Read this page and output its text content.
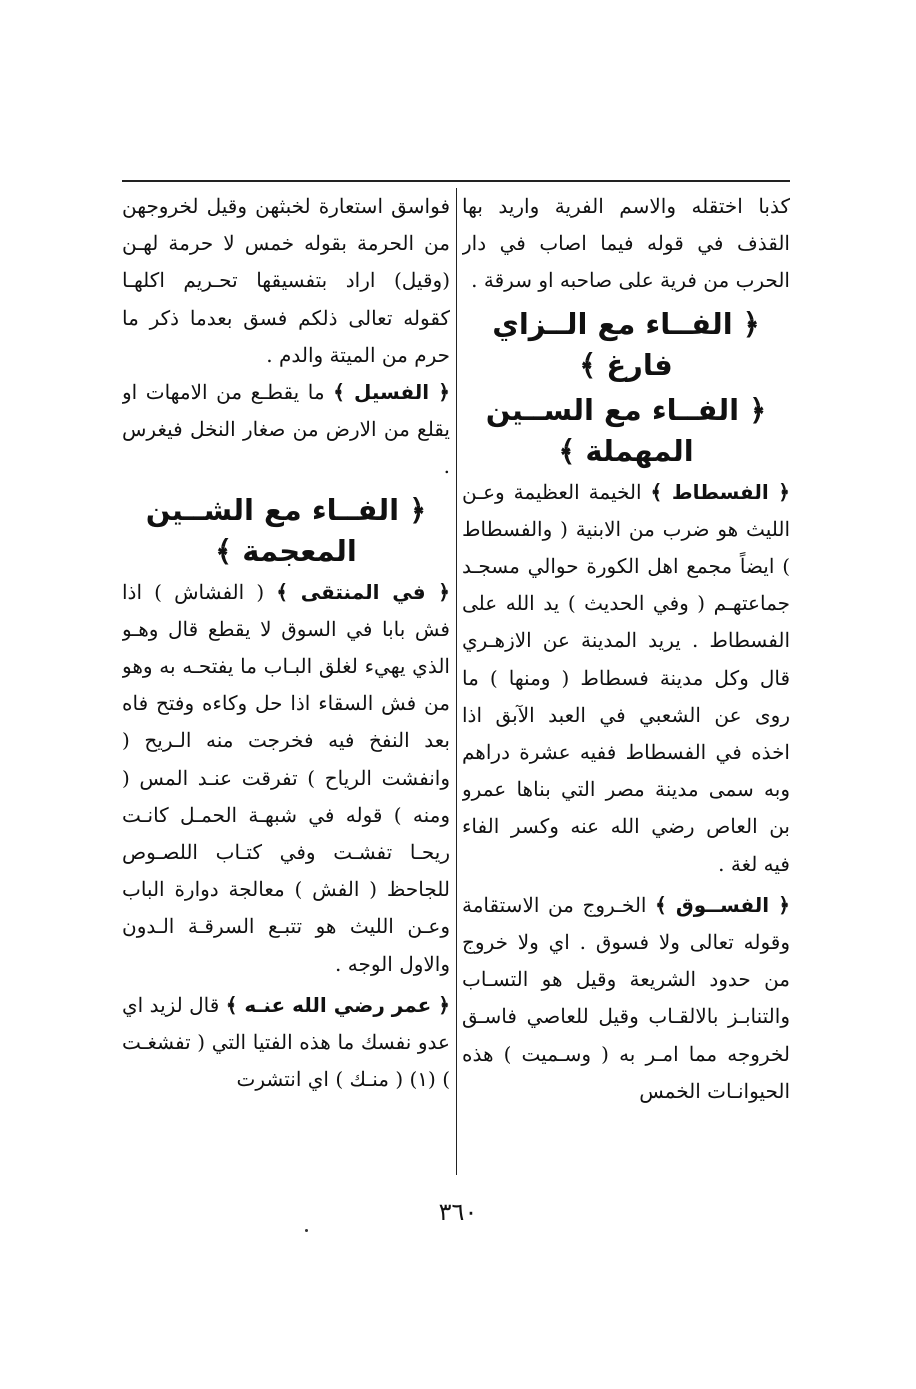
كذبا اختقله والاسم الفرية واريد بها القذف في قوله فيما اصاب في دار الحرب من فرية على صاحبه او سرقة .

﴿ الفــاء مع الــزاي فارغ ﴾
﴿ الفــاء مع الســين المهملة ﴾

﴿ الفسطاط ﴾ الخيمة العظيمة وعـن الليث هو ضرب من الابنية ( والفسطاط ) ايضاً مجمع اهل الكورة حوالي مسجـد جماعتهـم ( وفي الحديث ) يد الله على الفسطاط . يريد المدينة عن الازهـري قال وكل مدينة فسطاط ( ومنها ) ما روى عن الشعبي في العبد الآبق اذا اخذه في الفسطاط ففيه عشرة دراهم وبه سمى مدينة مصر التي بناها عمرو بن العاص رضي الله عنه وكسر الفاء فيه لغة .

﴿ الفســوق ﴾ الخـروج من الاستقامة وقوله تعالى ولا فسوق . اي ولا خروج من حدود الشريعة وقيل هو التسـاب والتنابـز بالالقـاب وقيل للعاصي فاسـق لخروجه مما امـر به ( وسـميت ) هذه الحيوانـات الخمس

فواسق استعارة لخبثهن وقيل لخروجهن من الحرمة بقوله خمس لا حرمة لهـن (وقيل) اراد بتفسيقها تحـريم اكلهـا كقوله تعالى ذلكم فسق بعدما ذكر ما حرم من الميتة والدم .

﴿ الفسيل ﴾ ما يقطـع من الامهات او يقلع من الارض من صغار النخل فيغرس .

﴿ الفــاء مع الشــين المعجمة ﴾

﴿ في المنتقى ﴾ ( الفشاش ) اذا فش بابا في السوق لا يقطع قال وهـو الذي يهيء لغلق البـاب ما يفتحـه به وهو من فش السقاء اذا حل وكاءه وفتح فاه بعد النفخ فيه فخرجت منه الـريح ( وانفشت الرياح ) تفرقت عنـد المس ( ومنه ) قوله في شبهـة الحمـل كانـت ريحـا تفشـت وفي كتـاب اللصـوص للجاحظ ( الفش ) معالجة دوارة الباب وعـن الليث هو تتبـع السرقـة الـدون والاول الوجه .

﴿ عمر رضي الله عنـه ﴾ قال لزيد اي عدو نفسك ما هذه الفتيا التي ( تفشغـت ) (١) ( منـك ) اي انتشرت

٣٦٠
